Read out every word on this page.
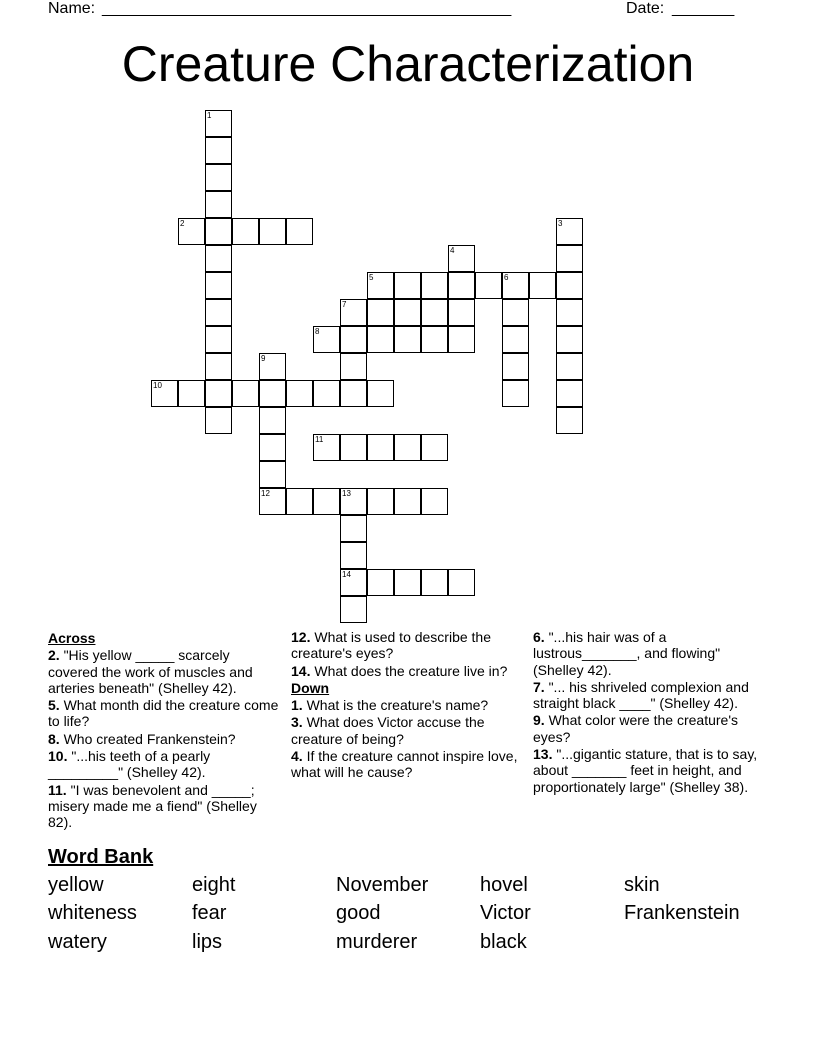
Name: ______________________________________________	Date: _______
Creature Characterization
1
2	3
4
5	6
7
8
9
12
10
11
13
14
Across
2. "His yellow _____ scarcely covered the work of muscles and arteries beneath" (Shelley 42).
5. What month did the creature come to life?
8. Who created Frankenstein?
10. "...his teeth of a pearly _________" (Shelley 42).
11. "I was benevolent and _____; misery made me a fiend" (Shelley 82).
12. What is used to describe the creature's eyes?
14. What does the creature live in?
Down
1. What is the creature's name?
3. What does Victor accuse the creature of being?
4. If the creature cannot inspire love, what will he cause?
6. "...his hair was of a lustrous_______, and flowing" (Shelley 42).
7. "... his shriveled complexion and straight black ____" (Shelley 42).
9. What color were the creature's eyes?
13. "...gigantic stature, that is to say, about _______ feet in height, and proportionately large" (Shelley 38).
Word Bank
yellow	eight	November	hovel	skin
whiteness	fear	good	Victor	Frankenstein
watery	lips	murderer	black
